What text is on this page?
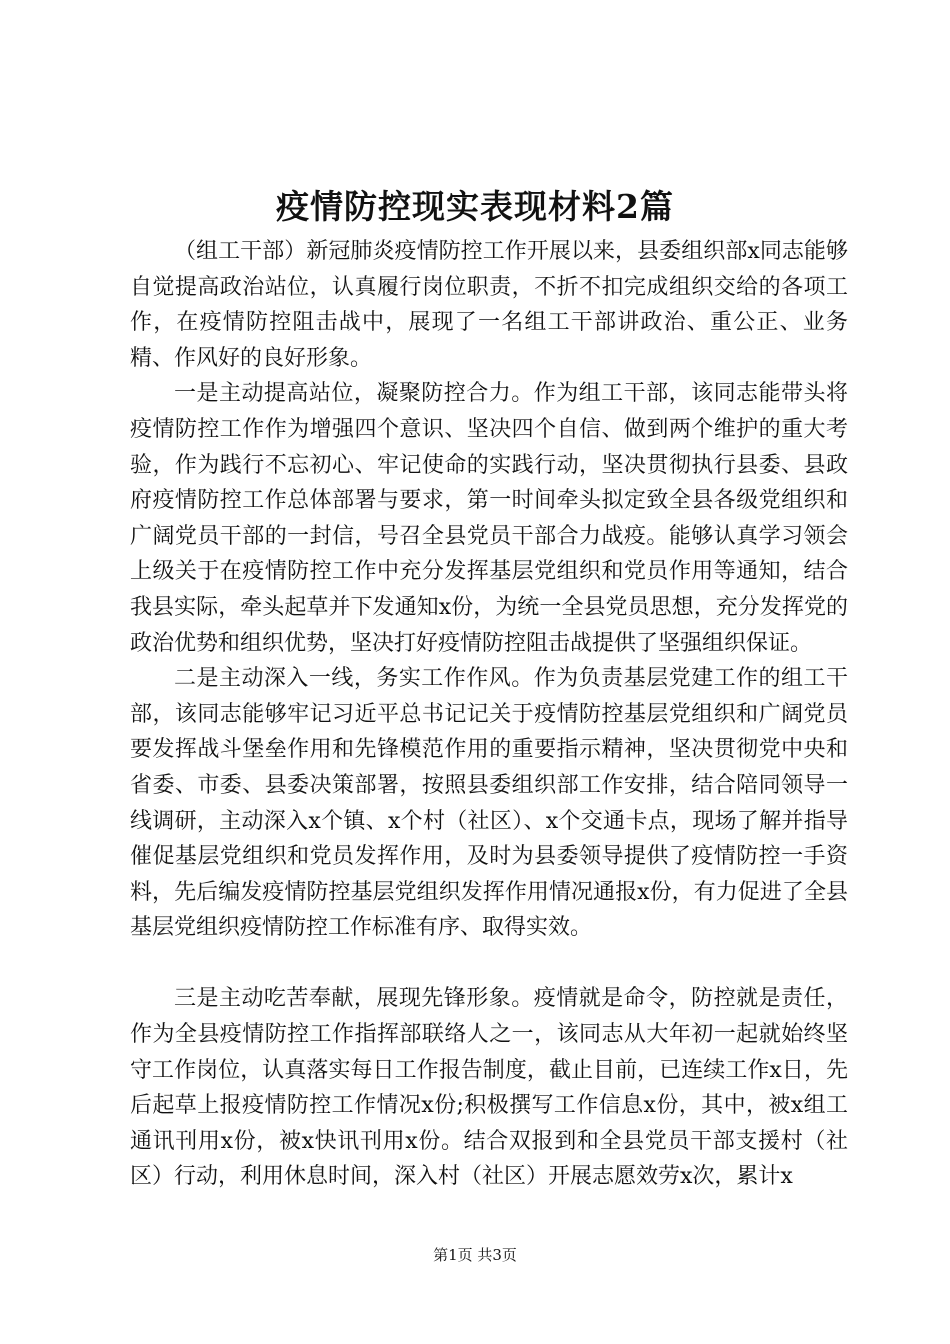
疫情防控现实表现材料2篇

（组工干部）新冠肺炎疫情防控工作开展以来，县委组织部x同志能够自觉提高政治站位，认真履行岗位职责，不折不扣完成组织交给的各项工作，在疫情防控阻击战中，展现了一名组工干部讲政治、重公正、业务精、作风好的良好形象。

一是主动提高站位，凝聚防控合力。作为组工干部，该同志能带头将疫情防控工作作为增强四个意识、坚决四个自信、做到两个维护的重大考验，作为践行不忘初心、牢记使命的实践行动，坚决贯彻执行县委、县政府疫情防控工作总体部署与要求，第一时间牵头拟定致全县各级党组织和广阔党员干部的一封信，号召全县党员干部合力战疫。能够认真学习领会上级关于在疫情防控工作中充分发挥基层党组织和党员作用等通知，结合我县实际，牵头起草并下发通知x份，为统一全县党员思想，充分发挥党的政治优势和组织优势，坚决打好疫情防控阻击战提供了坚强组织保证。

二是主动深入一线，务实工作作风。作为负责基层党建工作的组工干部，该同志能够牢记习近平总书记记关于疫情防控基层党组织和广阔党员要发挥战斗堡垒作用和先锋模范作用的重要指示精神，坚决贯彻党中央和省委、市委、县委决策部署，按照县委组织部工作安排，结合陪同领导一线调研，主动深入x个镇、x个村（社区）、x个交通卡点，现场了解并指导催促基层党组织和党员发挥作用，及时为县委领导提供了疫情防控一手资料，先后编发疫情防控基层党组织发挥作用情况通报x份，有力促进了全县基层党组织疫情防控工作标准有序、取得实效。

三是主动吃苦奉献，展现先锋形象。疫情就是命令，防控就是责任，作为全县疫情防控工作指挥部联络人之一，该同志从大年初一起就始终坚守工作岗位，认真落实每日工作报告制度，截止目前，已连续工作x日，先后起草上报疫情防控工作情况x份;积极撰写工作信息x份，其中，被x组工通讯刊用x份，被x快讯刊用x份。结合双报到和全县党员干部支援村（社区）行动，利用休息时间，深入村（社区）开展志愿效劳x次，累计x

第1页 共3页
